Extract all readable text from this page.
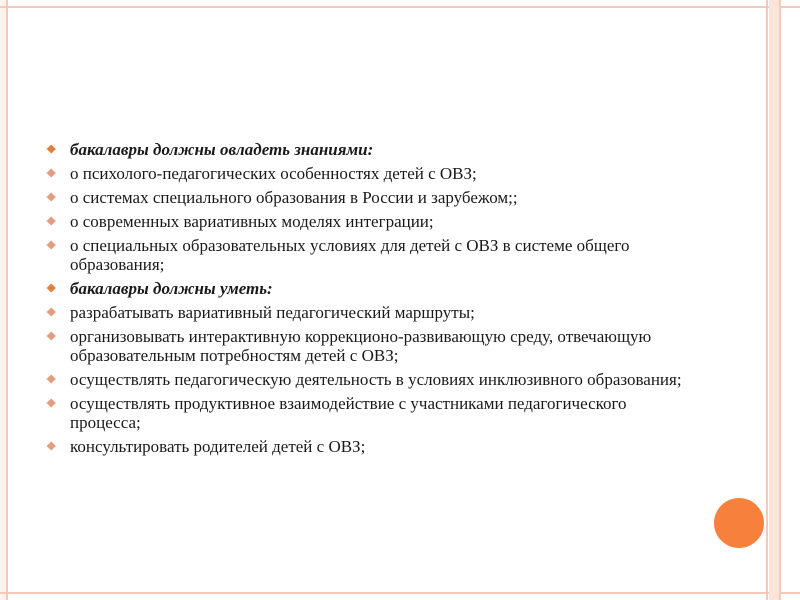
⯁ бакалавры должны овладеть знаниями:
⯁ о психолого-педагогических особенностях детей с ОВЗ;
⯁ о системах специального образования в России и зарубежом;;
⯁ о современных вариативных моделях интеграции;
⯁ о специальных образовательных условиях для детей с ОВЗ в системе общего образования;
⯁ бакалавры должны уметь:
⯁ разрабатывать вариативный педагогический маршруты;
⯁ организовывать интерактивную коррекционо-развивающую среду, отвечающую образовательным потребностям детей с ОВЗ;
⯁ осуществлять педагогическую деятельность в условиях инклюзивного образования;
⯁ осуществлять продуктивное взаимодействие с участниками педагогического процесса;
⯁ консультировать родителей детей с ОВЗ;
